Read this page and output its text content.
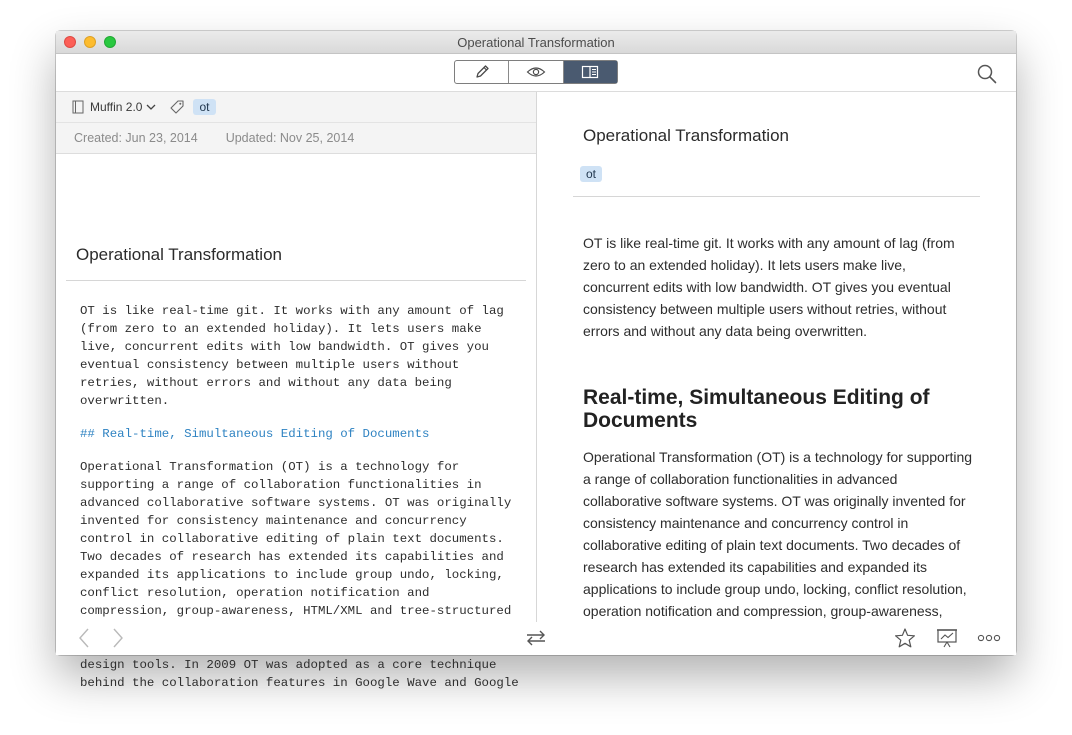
Operational Transformation
Muffin 2.0	ot
Created: Jun 23, 2014 Updated: Nov 25, 2014
Operational Transformation

OT is like real-time git. It works with any amount of lag (from zero to an extended holiday). It lets users make live, concurrent edits with low bandwidth. OT gives you eventual consistency between multiple users without retries, without errors and without any data being overwritten.

## Real-time, Simultaneous Editing of Documents

Operational Transformation (OT) is a technology for supporting a range of collaboration functionalities in advanced collaborative software systems. OT was originally invented for consistency maintenance and concurrency control in collaborative editing of plain text documents. Two decades of research has extended its capabilities and expanded its applications to include group undo, locking, conflict resolution, operation notification and compression, group-awareness, HTML/XML and tree-structured design tools. In 2009 OT was adopted as a core technique behind the collaboration features in Google Wave and Google

Operational Transformation
ot

OT is like real-time git. It works with any amount of lag (from zero to an extended holiday). It lets users make live, concurrent edits with low bandwidth. OT gives you eventual consistency between multiple users without retries, without errors and without any data being overwritten.

Real-time, Simultaneous Editing of Documents

Operational Transformation (OT) is a technology for supporting a range of collaboration functionalities in advanced collaborative software systems. OT was originally invented for consistency maintenance and concurrency control in collaborative editing of plain text documents. Two decades of research has extended its capabilities and expanded its applications to include group undo, locking, conflict resolution, operation notification and compression, group-awareness,
